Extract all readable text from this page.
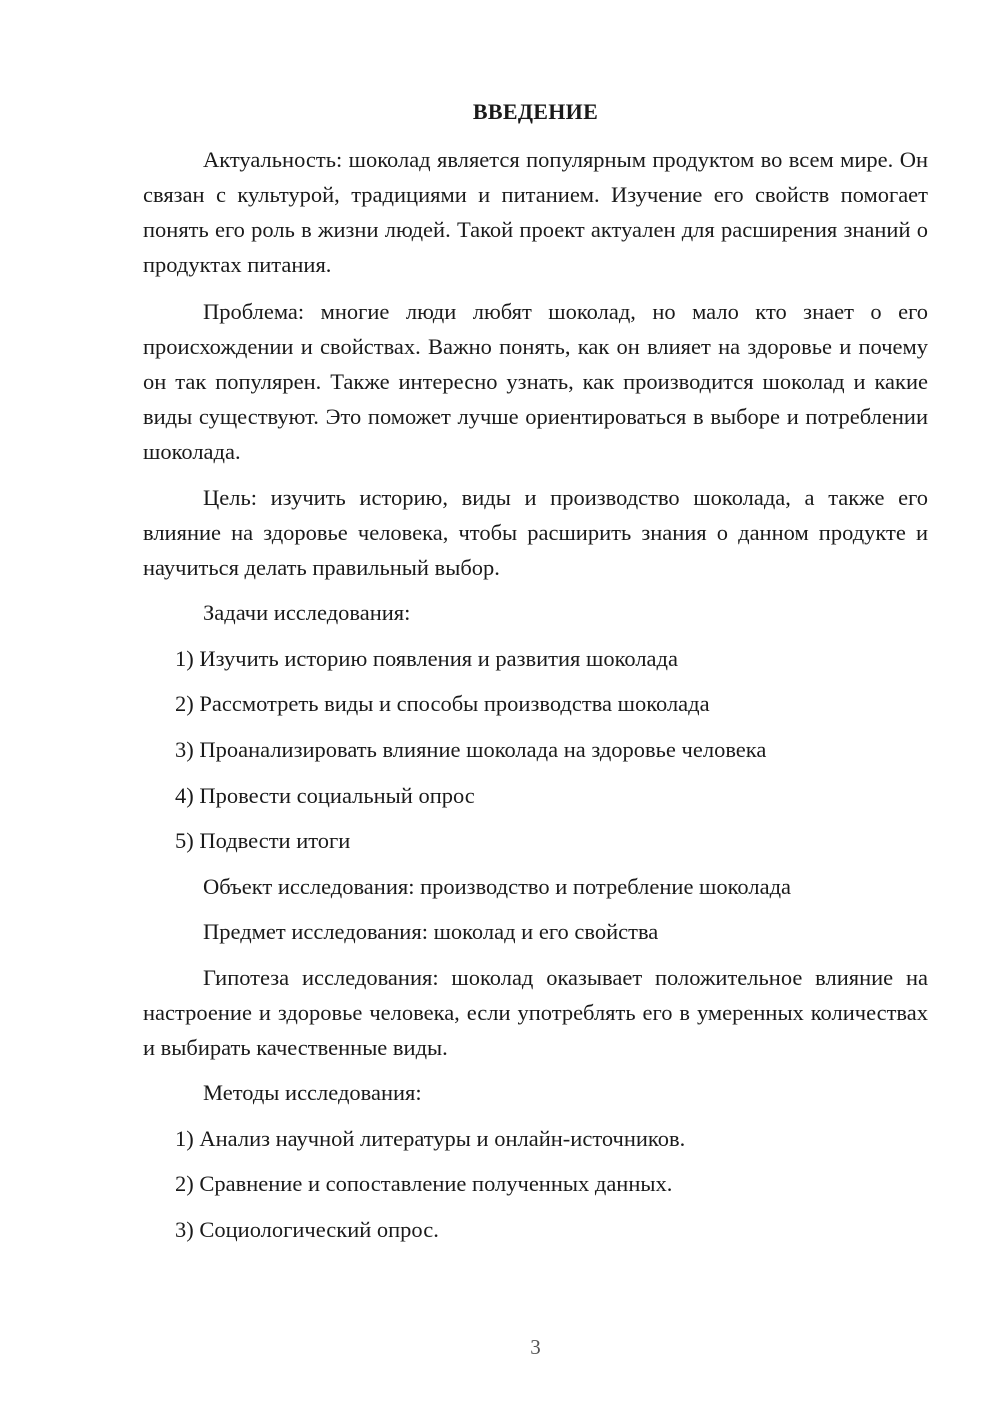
ВВЕДЕНИЕ

Актуальность: шоколад является популярным продуктом во всем мире. Он связан с культурой, традициями и питанием. Изучение его свойств помогает понять его роль в жизни людей. Такой проект актуален для расширения знаний о продуктах питания.

Проблема: многие люди любят шоколад, но мало кто знает о его происхождении и свойствах. Важно понять, как он влияет на здоровье и почему он так популярен. Также интересно узнать, как производится шоколад и какие виды существуют. Это поможет лучше ориентироваться в выборе и потреблении шоколада.

Цель: изучить историю, виды и производство шоколада, а также его влияние на здоровье человека, чтобы расширить знания о данном продукте и научиться делать правильный выбор.

Задачи исследования:

1) Изучить историю появления и развития шоколада

2) Рассмотреть виды и способы производства шоколада

3) Проанализировать влияние шоколада на здоровье человека

4) Провести социальный опрос

5) Подвести итоги

Объект исследования: производство и потребление шоколада

Предмет исследования: шоколад и его свойства

Гипотеза исследования: шоколад оказывает положительное влияние на настроение и здоровье человека, если употреблять его в умеренных количествах и выбирать качественные виды.

Методы исследования:

1) Анализ научной литературы и онлайн-источников.

2) Сравнение и сопоставление полученных данных.

3) Социологический опрос.

3
